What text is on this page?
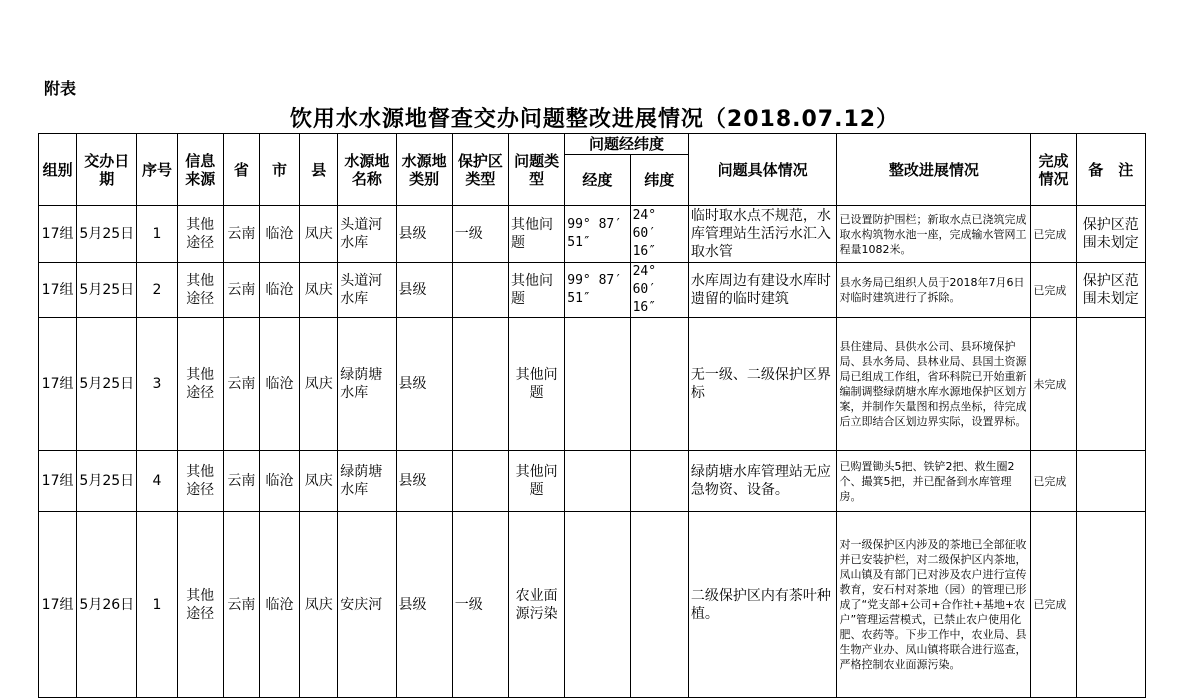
附表
饮用水水源地督查交办问题整改进展情况（2018.07.12）
组别	交办日期	序号	信息来源	省	市	县	水源地名称	水源地类别	保护区类型	问题类型	问题经纬度		问题具体情况	整改进展情况	完成情况	备　注
											经度	纬度				
17组	5月25日	1	其他途径	云南	临沧	凤庆	头道河水库	县级	一级	其他问题	99° 87′ 51″	24° 60′ 16″	临时取水点不规范，水库管理站生活污水汇入取水管	已设置防护围栏；新取水点已浇筑完成取水构筑物水池一座，完成输水管网工程量1082米。	已完成	保护区范围未划定
17组	5月25日	2	其他途径	云南	临沧	凤庆	头道河水库	县级		其他问题	99° 87′ 51″	24° 60′ 16″	水库周边有建设水库时遗留的临时建筑	县水务局已组织人员于2018年7月6日对临时建筑进行了拆除。	已完成	保护区范围未划定
17组	5月25日	3	其他途径	云南	临沧	凤庆	绿荫塘水库	县级		其他问题			无一级、二级保护区界标	县住建局、县供水公司、县环境保护局、县水务局、县林业局、县国土资源局已组成工作组，省环科院已开始重新编制调整绿荫塘水库水源地保护区划方案，并制作矢量图和拐点坐标，待完成后立即结合区划边界实际，设置界标。	未完成	
17组	5月25日	4	其他途径	云南	临沧	凤庆	绿荫塘水库	县级		其他问题			绿荫塘水库管理站无应急物资、设备。	已购置锄头5把、铁铲2把、救生圈2个、撮箕5把，并已配备到水库管理房。	已完成	
17组	5月26日	1	其他途径	云南	临沧	凤庆	安庆河	县级	一级	农业面源污染			二级保护区内有茶叶种植。	对一级保护区内涉及的茶地已全部征收并已安装护栏，对二级保护区内茶地，凤山镇及有部门已对涉及农户进行宣传教育，安石村对茶地（园）的管理已形成了“党支部+公司+合作社+基地+农户”管理运营模式，已禁止农户使用化肥、农药等。下步工作中，农业局、县生物产业办、凤山镇将联合进行巡查，严格控制农业面源污染。	已完成	
